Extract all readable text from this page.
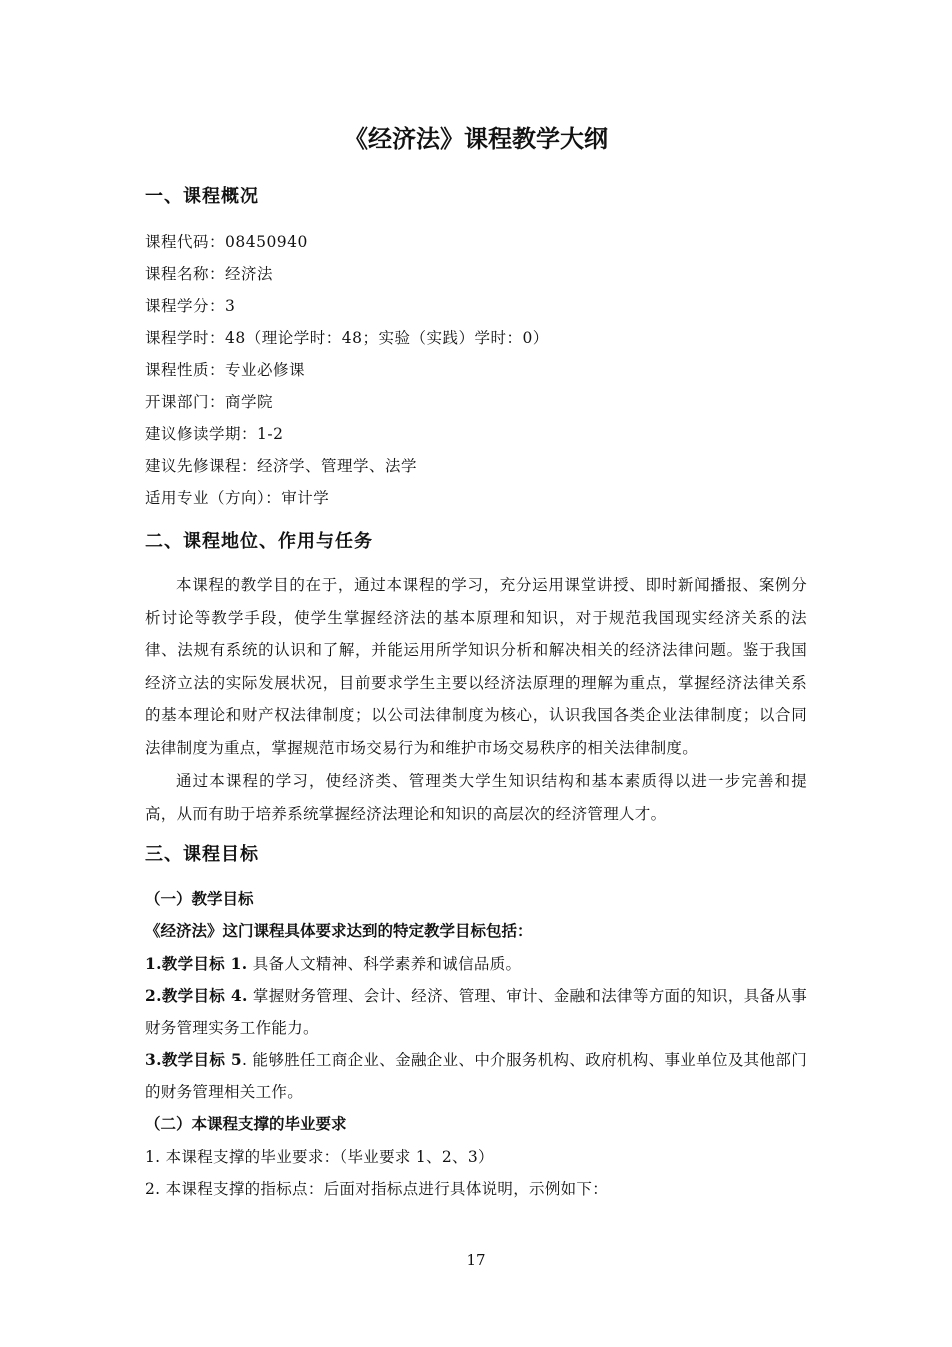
《经济法》课程教学大纲
一、课程概况
课程代码：08450940
课程名称：经济法
课程学分：3
课程学时：48（理论学时：48；实验（实践）学时：0）
课程性质：专业必修课
开课部门：商学院
建议修读学期：1-2
建议先修课程：经济学、管理学、法学
适用专业（方向）：审计学
二、课程地位、作用与任务
本课程的教学目的在于，通过本课程的学习，充分运用课堂讲授、即时新闻播报、案例分析讨论等教学手段，使学生掌握经济法的基本原理和知识，对于规范我国现实经济关系的法律、法规有系统的认识和了解，并能运用所学知识分析和解决相关的经济法律问题。鉴于我国经济立法的实际发展状况，目前要求学生主要以经济法原理的理解为重点，掌握经济法律关系的基本理论和财产权法律制度；以公司法律制度为核心，认识我国各类企业法律制度；以合同法律制度为重点，掌握规范市场交易行为和维护市场交易秩序的相关法律制度。
通过本课程的学习，使经济类、管理类大学生知识结构和基本素质得以进一步完善和提高，从而有助于培养系统掌握经济法理论和知识的高层次的经济管理人才。
三、课程目标
（一）教学目标
《经济法》这门课程具体要求达到的特定教学目标包括：
1.教学目标 1. 具备人文精神、科学素养和诚信品质。
2.教学目标 4. 掌握财务管理、会计、经济、管理、审计、金融和法律等方面的知识，具备从事财务管理实务工作能力。
3.教学目标 5. 能够胜任工商企业、金融企业、中介服务机构、政府机构、事业单位及其他部门的财务管理相关工作。
（二）本课程支撑的毕业要求
1. 本课程支撑的毕业要求：（毕业要求 1、2、3）
2. 本课程支撑的指标点：后面对指标点进行具体说明，示例如下：
17
